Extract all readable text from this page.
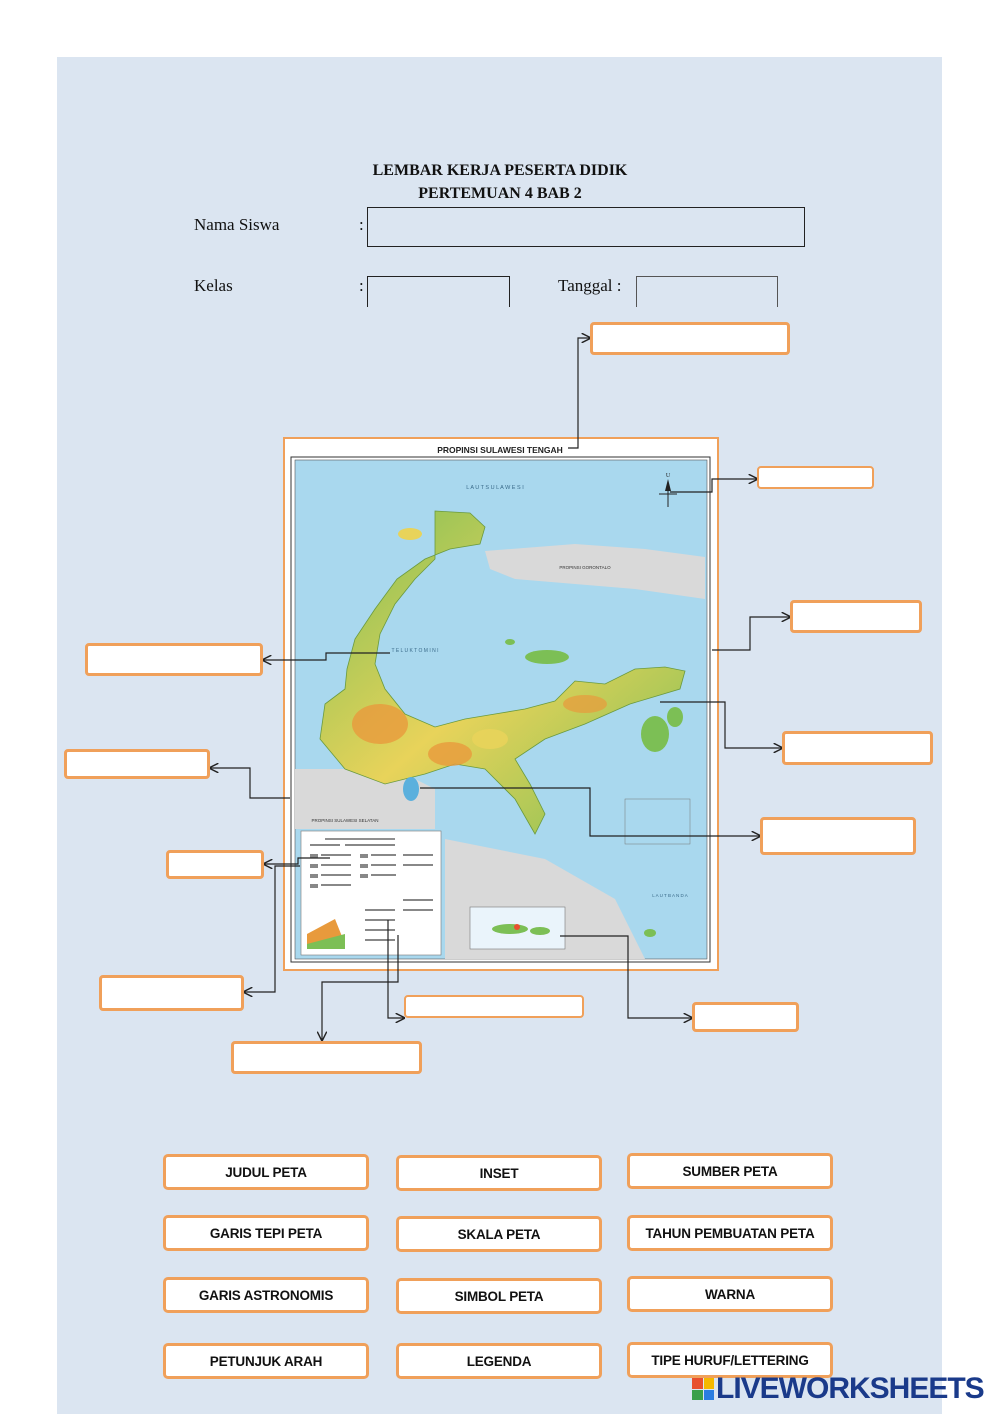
LEMBAR KERJA PESERTA DIDIK
PERTEMUAN 4 BAB 2
Nama Siswa	:
Kelas	:	Tanggal :
PROPINSI SULAWESI TENGAH
L A U T S U L A W E S I
PROPINSI GORONTALO
T E L U K T O M I N I
PROPINSI SULAWESI SELATAN
L A U T B A N D A
U
JUDUL PETA	INSET	SUMBER PETA
GARIS TEPI PETA	SKALA PETA	TAHUN PEMBUATAN PETA
GARIS ASTRONOMIS	SIMBOL PETA	WARNA
PETUNJUK ARAH	LEGENDA	TIPE HURUF/LETTERING
LIVEWORKSHEETS
